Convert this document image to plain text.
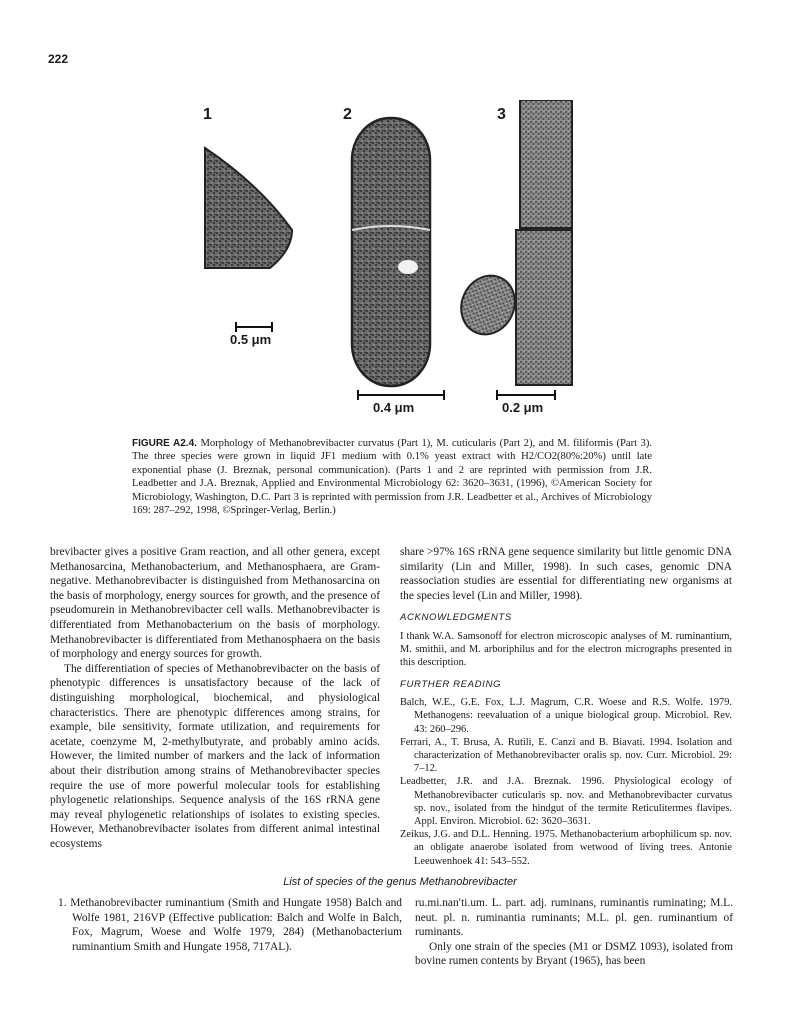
222
1	2	3
0.5 μm
0.4 μm	0.2 μm
FIGURE A2.4. Morphology of Methanobrevibacter curvatus (Part 1), M. cuticularis (Part 2), and M. filiformis (Part 3). The three species were grown in liquid JF1 medium with 0.1% yeast extract with H2/CO2(80%:20%) until late exponential phase (J. Breznak, personal communication). (Parts 1 and 2 are reprinted with permission from J.R. Leadbetter and J.A. Breznak, Applied and Environmental Microbiology 62: 3620–3631, (1996), ©American Society for Microbiology, Washington, D.C. Part 3 is reprinted with permission from J.R. Leadbetter et al., Archives of Microbiology 169: 287–292, 1998, ©Springer-Verlag, Berlin.)

brevibacter gives a positive Gram reaction, and all other genera, except Methanosarcina, Methanobacterium, and Methanosphaera, are Gram-negative. Methanobrevibacter is distinguished from Methanosarcina on the basis of morphology, energy sources for growth, and the presence of pseudomurein in Methanobrevibacter cell walls. Methanobrevibacter is differentiated from Methanobacterium on the basis of morphology. Methanobrevibacter is differentiated from Methanosphaera on the basis of morphology and energy sources for growth.

The differentiation of species of Methanobrevibacter on the basis of phenotypic differences is unsatisfactory because of the lack of distinguishing morphological, biochemical, and physiological characteristics. There are phenotypic differences among strains, for example, bile sensitivity, formate utilization, and requirements for acetate, coenzyme M, 2-methylbutyrate, and probably amino acids. However, the limited number of markers and the lack of information about their distribution among strains of Methanobrevibacter species require the use of more powerful molecular tools for establishing phylogenetic relationships. Sequence analysis of the 16S rRNA gene may reveal phylogenetic relationships of isolates to existing species. However, Methanobrevibacter isolates from different animal intestinal ecosystems

share >97% 16S rRNA gene sequence similarity but little genomic DNA similarity (Lin and Miller, 1998). In such cases, genomic DNA reassociation studies are essential for differentiating new organisms at the species level (Lin and Miller, 1998).

ACKNOWLEDGMENTS

I thank W.A. Samsonoff for electron microscopic analyses of M. ruminantium, M. smithii, and M. arboriphilus and for the electron micrographs presented in this description.

FURTHER READING

Balch, W.E., G.E. Fox, L.J. Magrum, C.R. Woese and R.S. Wolfe. 1979. Methanogens: reevaluation of a unique biological group. Microbiol. Rev. 43: 260–296.

Ferrari, A., T. Brusa, A. Rutili, E. Canzi and B. Biavati. 1994. Isolation and characterization of Methanobrevibacter oralis sp. nov. Curr. Microbiol. 29: 7–12.

Leadbetter, J.R. and J.A. Breznak. 1996. Physiological ecology of Methanobrevibacter cuticularis sp. nov. and Methanobrevibacter curvatus sp. nov., isolated from the hindgut of the termite Reticulitermes flavipes. Appl. Environ. Microbiol. 62: 3620–3631.

Zeikus, J.G. and D.L. Henning. 1975. Methanobacterium arbophilicum sp. nov. an obligate anaerobe isolated from wetwood of living trees. Antonie Leeuwenhoek 41: 543–552.

List of species of the genus Methanobrevibacter
1. Methanobrevibacter ruminantium (Smith and Hungate 1958) Balch and Wolfe 1981, 216VP (Effective publication: Balch and Wolfe in Balch, Fox, Magrum, Woese and Wolfe 1979, 284) (Methanobacterium ruminantium Smith and Hungate 1958, 717AL).

ru.mi.nan′ti.um. L. part. adj. ruminans, ruminantis ruminating; M.L. neut. pl. n. ruminantia ruminants; M.L. pl. gen. ruminantium of ruminants.

Only one strain of the species (M1 or DSMZ 1093), isolated from bovine rumen contents by Bryant (1965), has been
